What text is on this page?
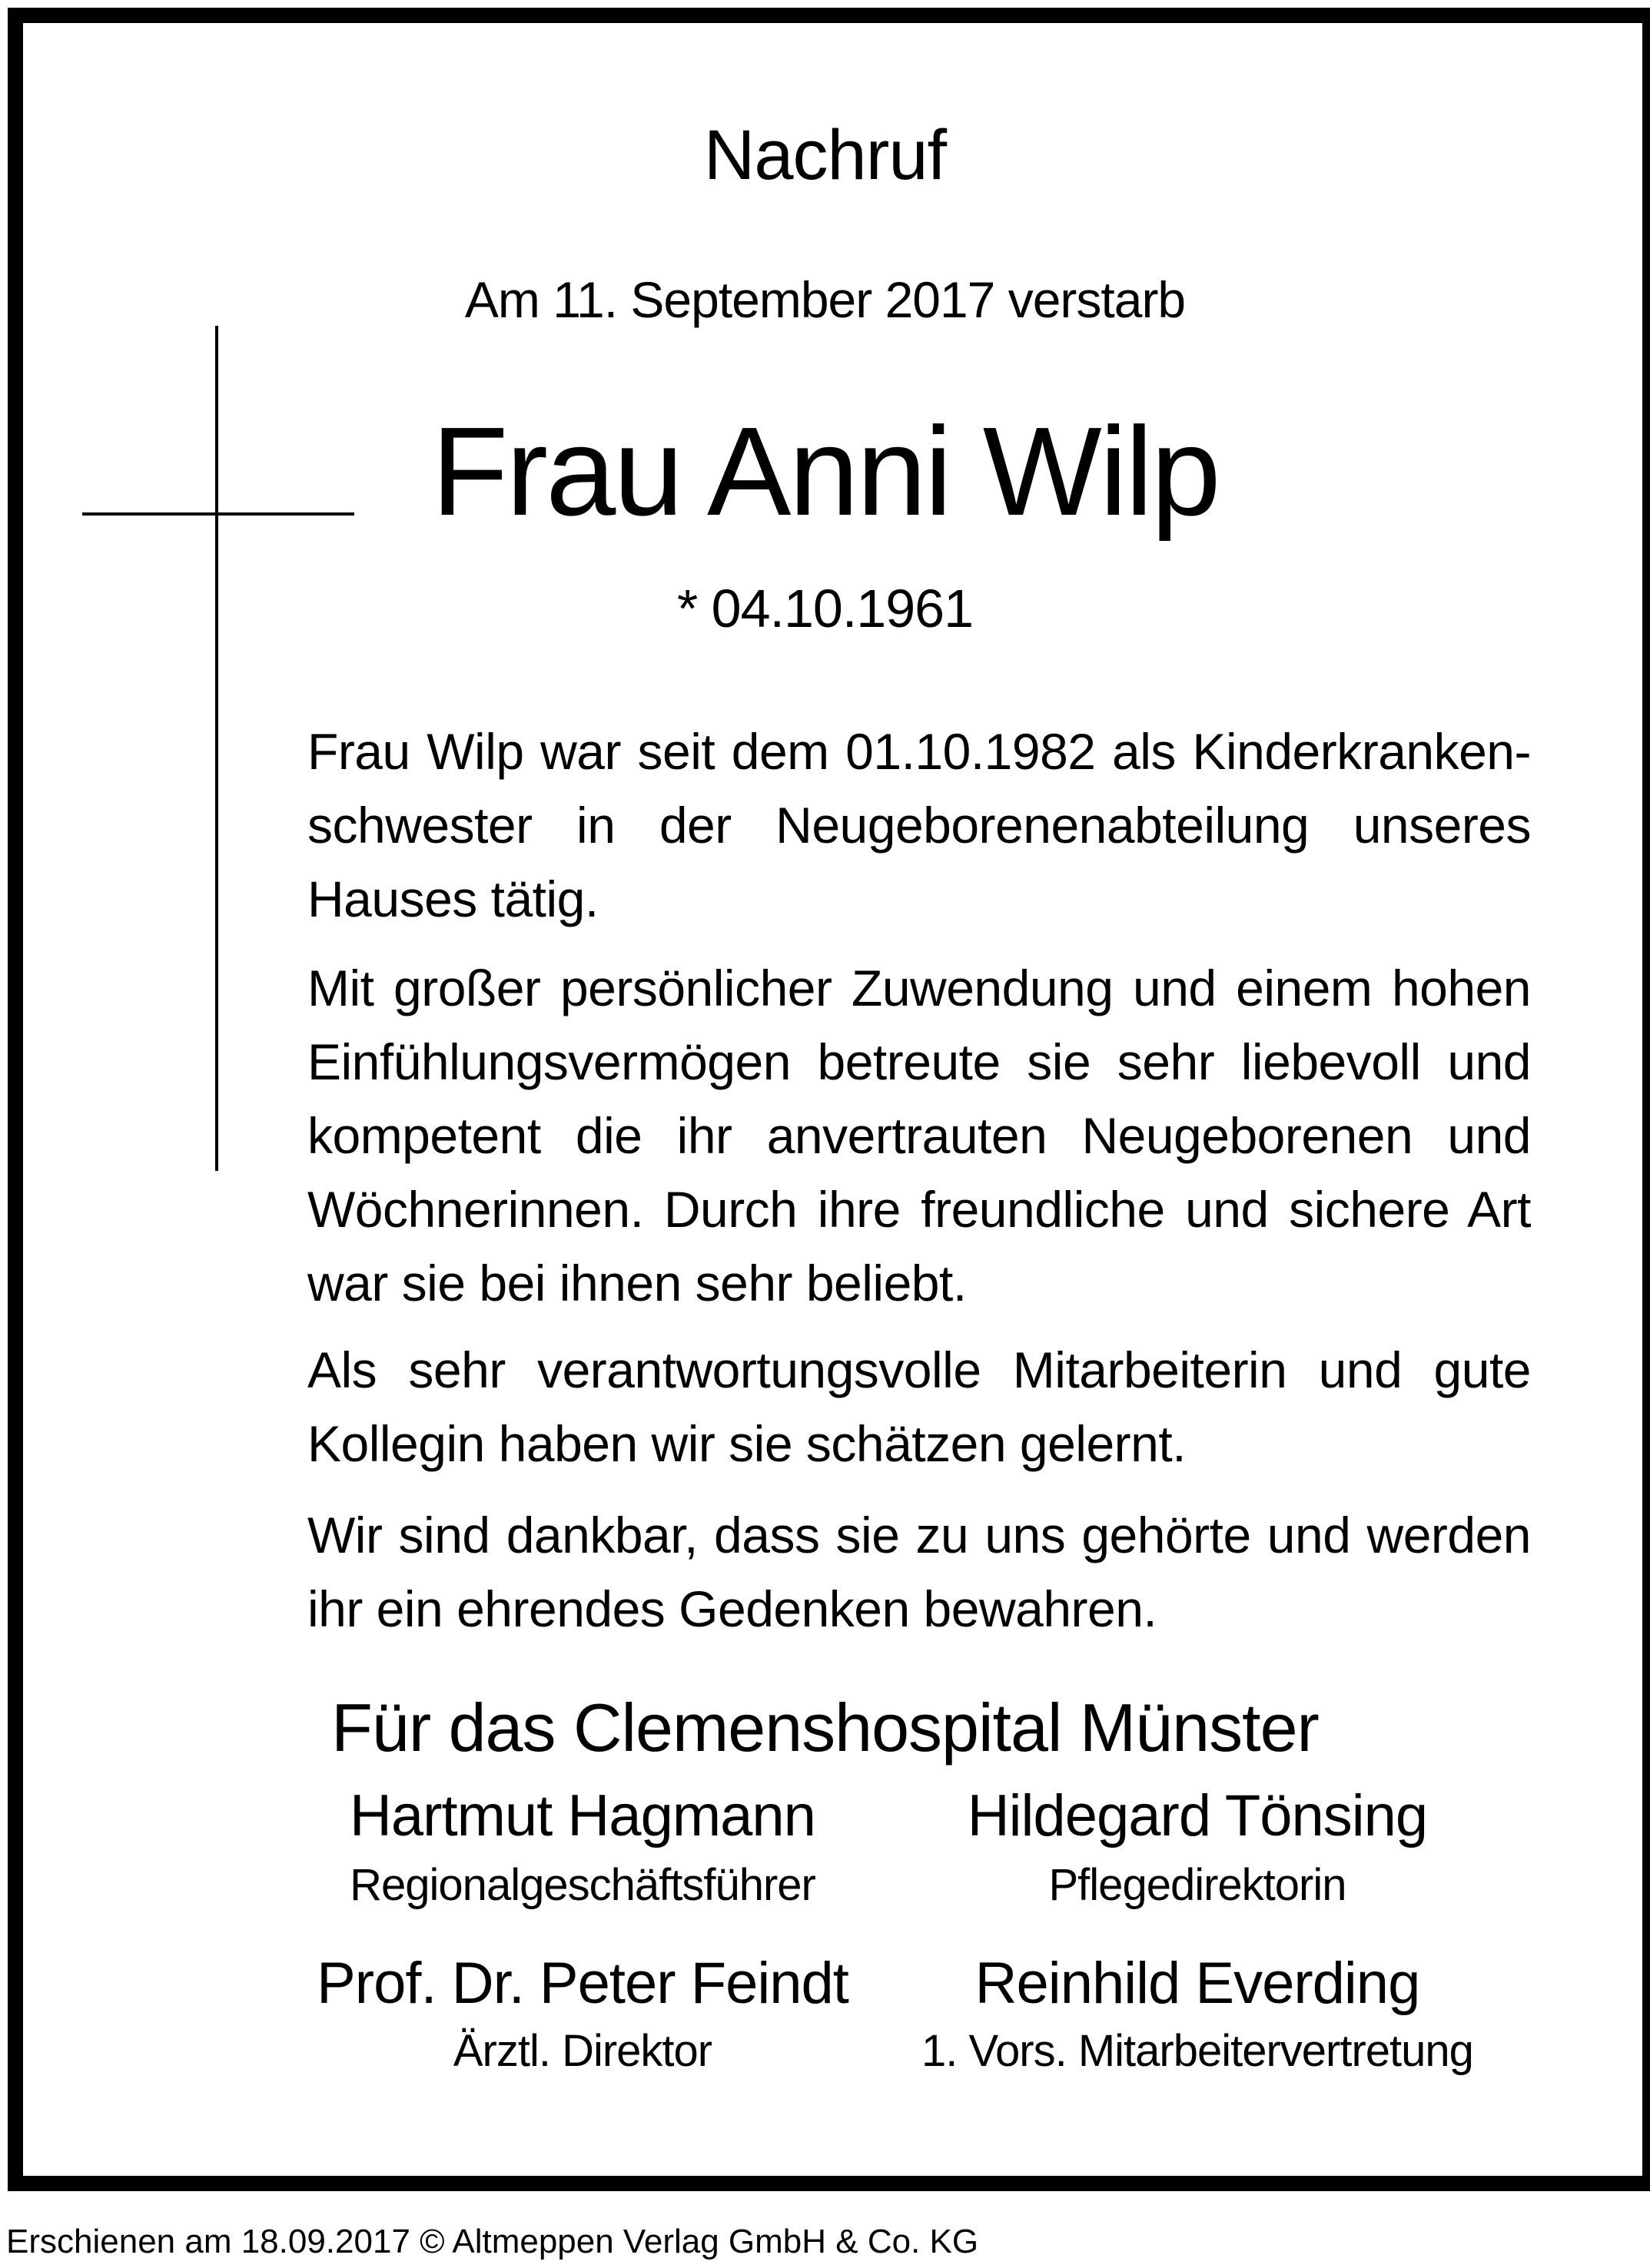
Nachruf
Am 11. September 2017 verstarb
Frau Anni Wilp
* 04.10.1961
Frau Wilp war seit dem 01.10.1982 als Kinderkranken-schwester in der Neugeborenenabteilung unseres Hauses tätig.
Mit großer persönlicher Zuwendung und einem hohen Einfühlungsvermögen betreute sie sehr liebevoll und kompetent die ihr anvertrauten Neugeborenen und Wöchnerinnen. Durch ihre freundliche und sichere Art war sie bei ihnen sehr beliebt.
Als sehr verantwortungsvolle Mitarbeiterin und gute Kollegin haben wir sie schätzen gelernt.
Wir sind dankbar, dass sie zu uns gehörte und werden ihr ein ehrendes Gedenken bewahren.
Für das Clemenshospital Münster
Hartmut Hagmann
Regionalgeschäftsführer
Hildegard Tönsing
Pflegedirektorin
Prof. Dr. Peter Feindt
Ärztl. Direktor
Reinhild Everding
1. Vors. Mitarbeitervertretung
Erschienen am 18.09.2017 © Altmeppen Verlag GmbH & Co. KG
